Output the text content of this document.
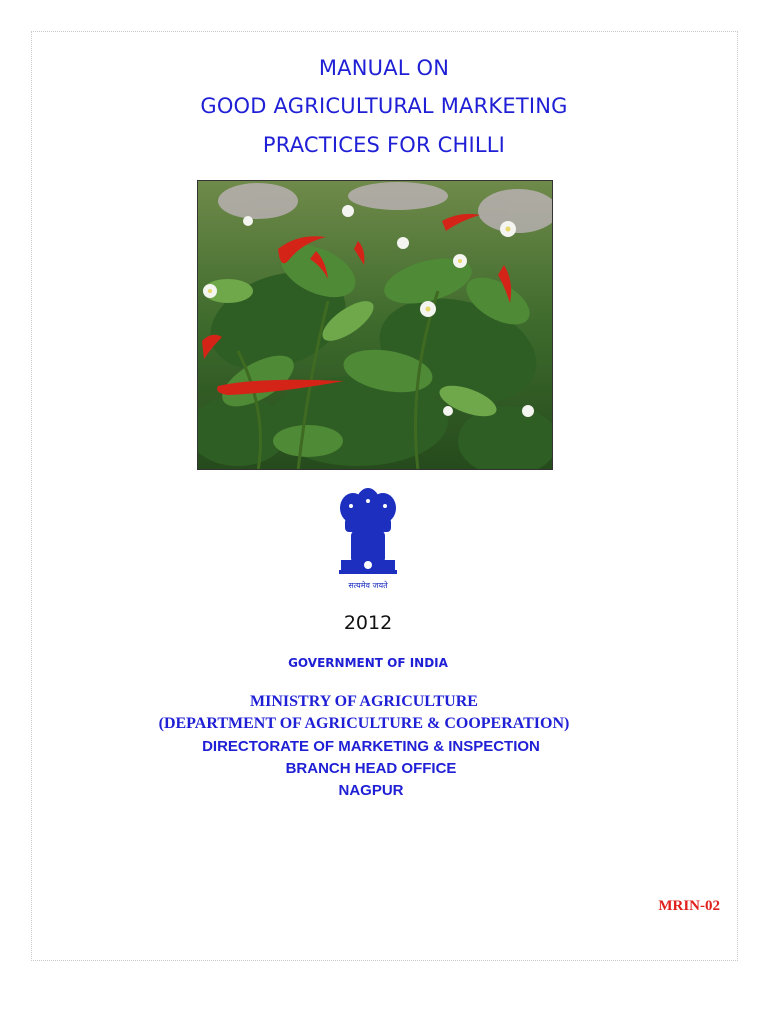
MANUAL ON
GOOD AGRICULTURAL MARKETING
PRACTICES FOR CHILLI
सत्यमेव जयते
2012
GOVERNMENT OF INDIA
MINISTRY OF AGRICULTURE
(DEPARTMENT OF AGRICULTURE & COOPERATION)
DIRECTORATE OF MARKETING & INSPECTION
BRANCH HEAD OFFICE
NAGPUR
MRIN-02
